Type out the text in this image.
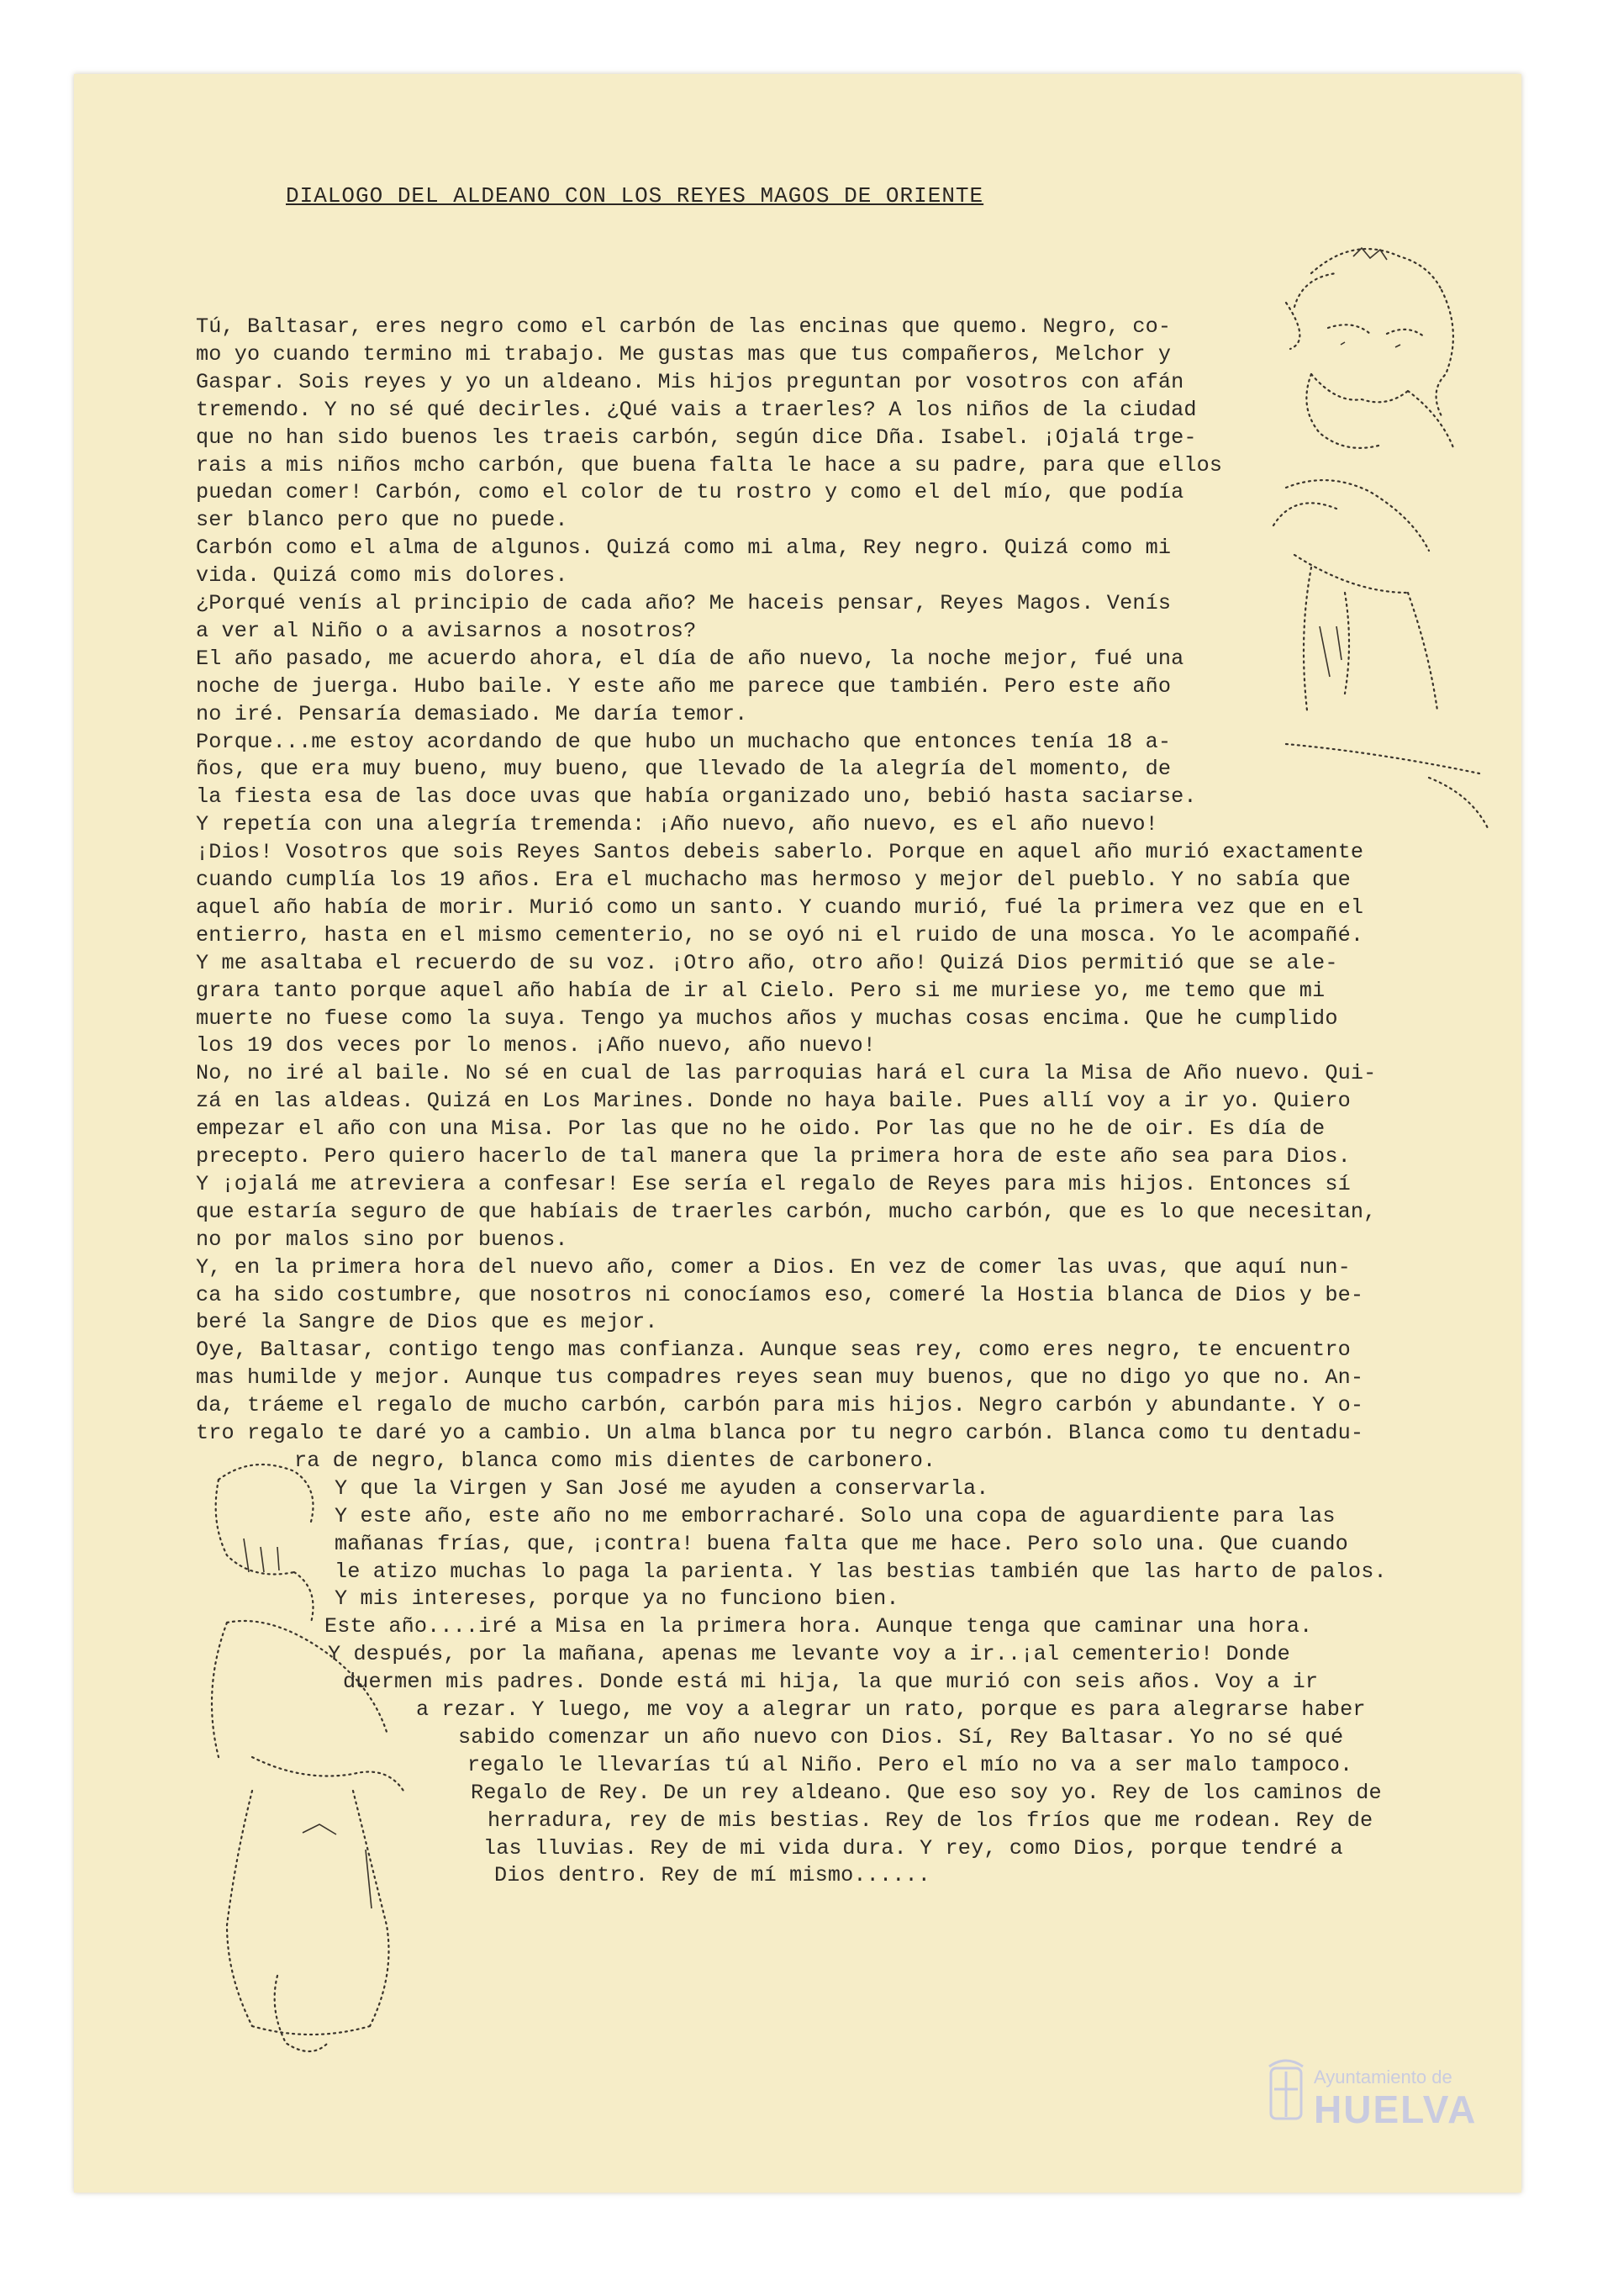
DIALOGO DEL ALDEANO CON LOS REYES MAGOS DE ORIENTE

Tú, Baltasar, eres negro como el carbón de las encinas que quemo. Negro, co-

mo yo cuando termino mi trabajo. Me gustas mas que tus compañeros, Melchor y

Gaspar. Sois reyes y yo un aldeano. Mis hijos preguntan por vosotros con afán

tremendo. Y no sé qué decirles. ¿Qué vais a traerles? A los niños de la ciudad

que no han sido buenos les traeis carbón, según dice Dña. Isabel. ¡Ojalá trge-

rais a mis niños mcho carbón, que buena falta le hace a su padre, para que ellos

puedan comer! Carbón, como el color de tu rostro y como el del mío, que podía

ser blanco pero que no puede.

Carbón como el alma de algunos. Quizá como mi alma, Rey negro. Quizá como mi

vida. Quizá como mis dolores.

¿Porqué venís al principio de cada año? Me haceis pensar, Reyes Magos. Venís

a ver al Niño o a avisarnos a nosotros?

El año pasado, me acuerdo ahora, el día de año nuevo, la noche mejor, fué una

noche de juerga. Hubo baile. Y este año me parece que también. Pero este año

no iré. Pensaría demasiado. Me daría temor.

Porque...me estoy acordando de que hubo un muchacho que entonces tenía 18 a-

ños, que era muy bueno, muy bueno, que llevado de la alegría del momento, de

la fiesta esa de las doce uvas que había organizado uno, bebió hasta saciarse.

Y repetía con una alegría tremenda: ¡Año nuevo, año nuevo, es el año nuevo!

¡Dios! Vosotros que sois Reyes Santos debeis saberlo. Porque en aquel año murió exactamente

cuando cumplía los 19 años. Era el muchacho mas hermoso y mejor del pueblo. Y no sabía que

aquel año había de morir. Murió como un santo. Y cuando murió, fué la primera vez que en el

entierro, hasta en el mismo cementerio, no se oyó ni el ruido de una mosca. Yo le acompañé.

Y me asaltaba el recuerdo de su voz. ¡Otro año, otro año! Quizá Dios permitió que se ale-

grara tanto porque aquel año había de ir al Cielo. Pero si me muriese yo, me temo que mi

muerte no fuese como la suya. Tengo ya muchos años y muchas cosas encima. Que he cumplido

los 19 dos veces por lo menos. ¡Año nuevo, año nuevo!

No, no iré al baile. No sé en cual de las parroquias hará el cura la Misa de Año nuevo. Qui-

zá en las aldeas. Quizá en Los Marines. Donde no haya baile. Pues allí voy a ir yo. Quiero

empezar el año con una Misa. Por las que no he oido. Por las que no he de oir. Es día de

precepto. Pero quiero hacerlo de tal manera que la primera hora de este año sea para Dios.

Y ¡ojalá me atreviera a confesar! Ese sería el regalo de Reyes para mis hijos. Entonces sí

que estaría seguro de que habíais de traerles carbón, mucho carbón, que es lo que necesitan,

no por malos sino por buenos.

Y, en la primera hora del nuevo año, comer a Dios. En vez de comer las uvas, que aquí nun-

ca ha sido costumbre, que nosotros ni conocíamos eso, comeré la Hostia blanca de Dios y be-

beré la Sangre de Dios que es mejor.

Oye, Baltasar, contigo tengo mas confianza. Aunque seas rey, como eres negro, te encuentro

mas humilde y mejor. Aunque tus compadres reyes sean muy buenos, que no digo yo que no. An-

da, tráeme el regalo de mucho carbón, carbón para mis hijos. Negro carbón y abundante. Y o-

tro regalo te daré yo a cambio. Un alma blanca por tu negro carbón. Blanca como tu dentadu-

ra de negro, blanca como mis dientes de carbonero.

Y que la Virgen y San José me ayuden a conservarla.

Y este año, este año no me emborracharé. Solo una copa de aguardiente para las

mañanas frías, que, ¡contra! buena falta que me hace. Pero solo una. Que cuando

le atizo muchas lo paga la parienta. Y las bestias también que las harto de palos.

Y mis intereses, porque ya no funciono bien.

Este año....iré a Misa en la primera hora. Aunque tenga que caminar una hora.

Y después, por la mañana, apenas me levante voy a ir..¡al cementerio! Donde

duermen mis padres. Donde está mi hija, la que murió con seis años. Voy a ir

a rezar. Y luego, me voy a alegrar un rato, porque es para alegrarse haber

sabido comenzar un año nuevo con Dios. Sí, Rey Baltasar. Yo no sé qué

regalo le llevarías tú al Niño. Pero el mío no va a ser malo tampoco.

Regalo de Rey. De un rey aldeano. Que eso soy yo. Rey de los caminos de

herradura, rey de mis bestias. Rey de los fríos que me rodean. Rey de

las lluvias. Rey de mi vida dura. Y rey, como Dios, porque tendré a

Dios dentro. Rey de mí mismo......

Ayuntamiento de
HUELVA
